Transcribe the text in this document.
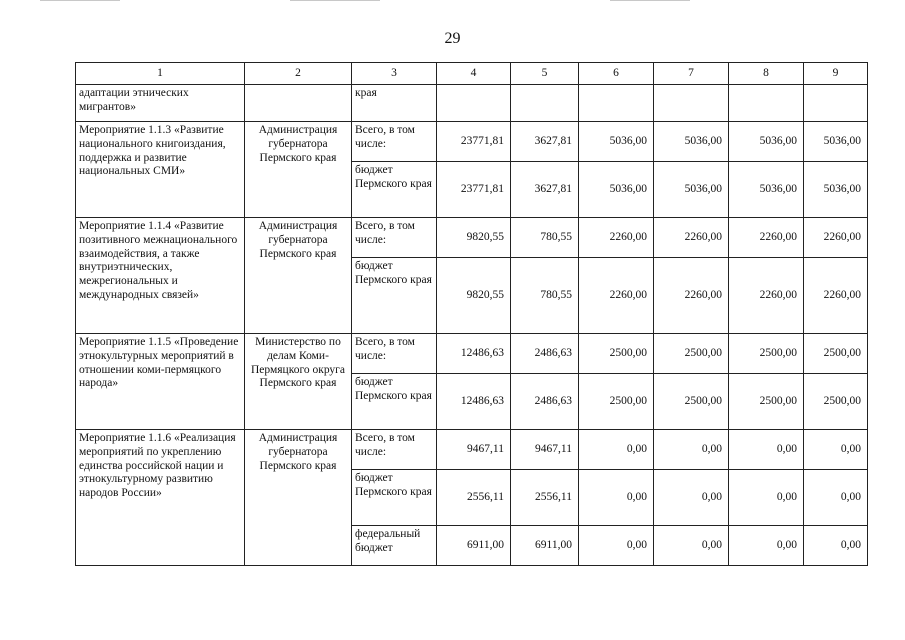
29
1	2	3	4	5	6	7	8	9
адаптации этнических мигрантов»		края						
Мероприятие 1.1.3 «Развитие национального книгоиздания, поддержка и развитие национальных СМИ»	Администрация губернатора Пермского края	Всего, в том числе:	23771,81	3627,81	5036,00	5036,00	5036,00	5036,00
		бюджет Пермского края	23771,81	3627,81	5036,00	5036,00	5036,00	5036,00
Мероприятие 1.1.4 «Развитие позитивного межнационального взаимодействия, а также внутриэтнических, межрегиональных и международных связей»	Администрация губернатора Пермского края	Всего, в том числе:	9820,55	780,55	2260,00	2260,00	2260,00	2260,00
		бюджет Пермского края	9820,55	780,55	2260,00	2260,00	2260,00	2260,00
Мероприятие 1.1.5 «Проведение этнокультурных мероприятий в отношении коми-пермяцкого народа»	Министерство по делам Коми-Пермяцкого округа Пермского края	Всего, в том числе:	12486,63	2486,63	2500,00	2500,00	2500,00	2500,00
		бюджет Пермского края	12486,63	2486,63	2500,00	2500,00	2500,00	2500,00
Мероприятие 1.1.6 «Реализация мероприятий по укреплению единства российской нации и этнокультурному развитию народов России»	Администрация губернатора Пермского края	Всего, в том числе:	9467,11	9467,11	0,00	0,00	0,00	0,00
		бюджет Пермского края	2556,11	2556,11	0,00	0,00	0,00	0,00
		федеральный бюджет	6911,00	6911,00	0,00	0,00	0,00	0,00
